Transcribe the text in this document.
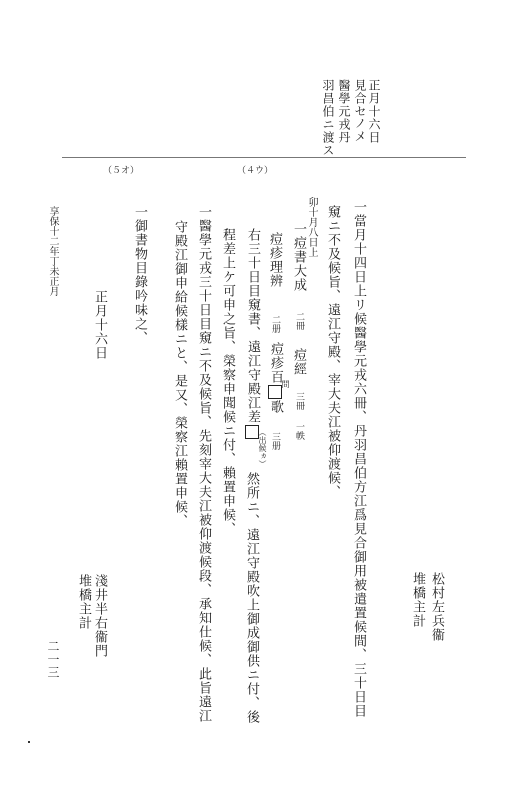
正月十六日
見合セ
ノメ
醫學元戎丹
羽昌伯ニ渡ス
（５オ）	（４ウ）
一當月十四日上リ候醫學元戎六冊、丹羽昌伯方江爲見合御用被遣置候間、三十日目
窺ニ不及候旨、遠江守殿、宰大夫江被仰渡候、
卯十月八日上
一痘書大成
二冊
痘經
三冊
一帙
痘疹理辨
二册
痘疹百歌
問
三册
右三十日目窺書、遠江守殿江差
（出候ヵ）
然所ニ、遠江守殿吹上御成御供ニ付、後
程差上ケ可申之旨、榮察申聞候ニ付、賴置申候、
一醫學元戎三十日目窺ニ不及候旨、先刻宰大夫江被仰渡候段、承知仕候、此旨遠江
守殿江御申給候樣ニと、是又、榮察江賴置申候、
一御書物目錄吟味之、
正月十六日
松村左兵衞
堆橋主計
淺井半右衞門
堆橋主計
享保十二年丁未正月
二一三
